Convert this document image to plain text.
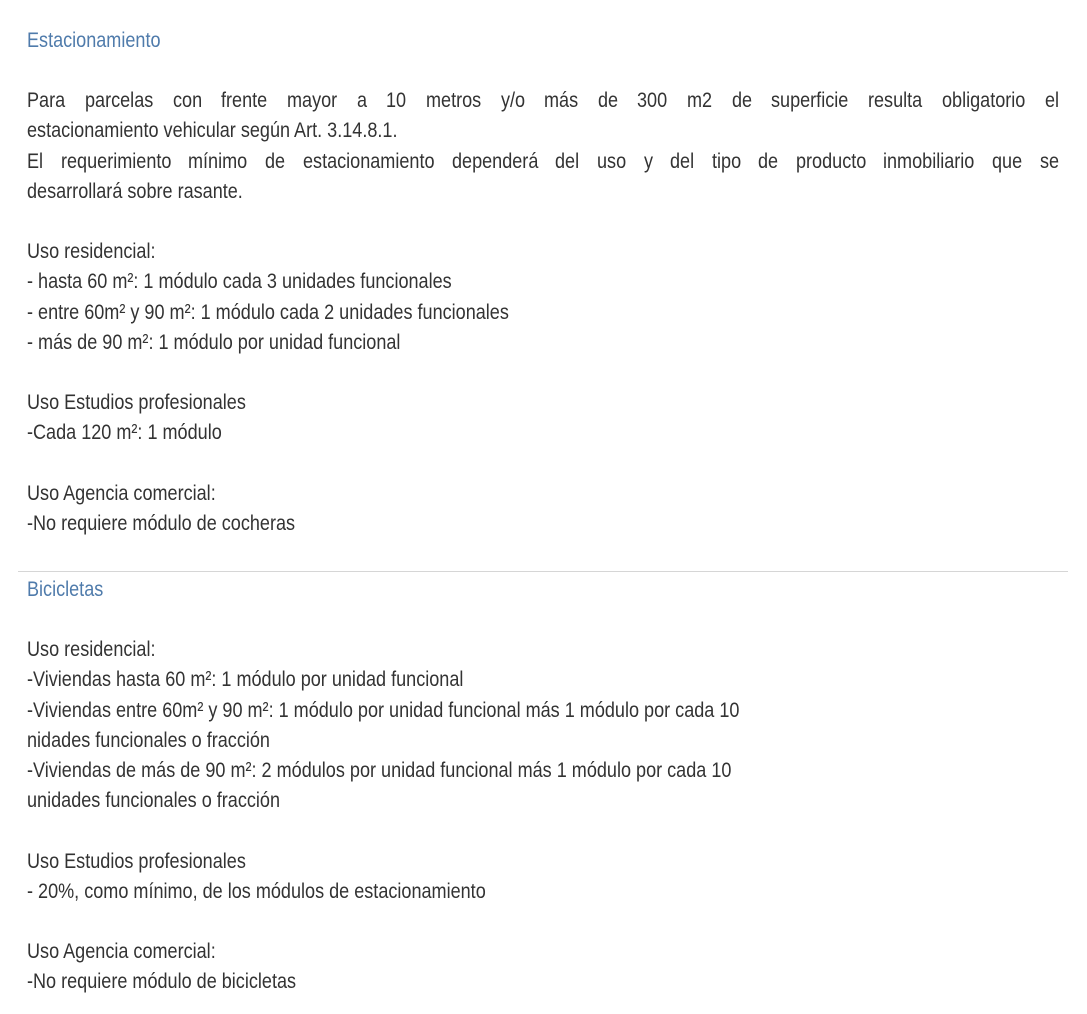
Estacionamiento
Para parcelas con frente mayor a 10 metros y/o más de 300 m2 de superficie resulta obligatorio el
estacionamiento vehicular según Art. 3.14.8.1.
El requerimiento mínimo de estacionamiento dependerá del uso y del tipo de producto inmobiliario que se
desarrollará sobre rasante.
Uso residencial:
- hasta 60 m²: 1 módulo cada 3 unidades funcionales
- entre 60m² y 90 m²: 1 módulo cada 2 unidades funcionales
- más de 90 m²: 1 módulo por unidad funcional
Uso Estudios profesionales
-Cada 120 m²: 1 módulo
Uso Agencia comercial:
-No requiere módulo de cocheras
Bicicletas
Uso residencial:
-Viviendas hasta 60 m²: 1 módulo por unidad funcional
-Viviendas entre 60m² y 90 m²: 1 módulo por unidad funcional más 1 módulo por cada 10
nidades funcionales o fracción
-Viviendas de más de 90 m²: 2 módulos por unidad funcional más 1 módulo por cada 10
unidades funcionales o fracción
Uso Estudios profesionales
- 20%, como mínimo, de los módulos de estacionamiento
Uso Agencia comercial:
-No requiere módulo de bicicletas
